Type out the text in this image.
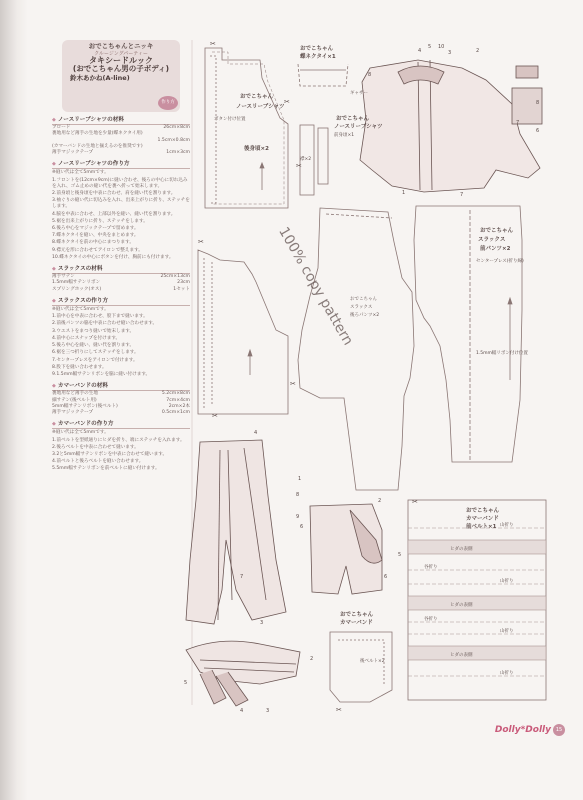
おでこちゃんとニッキ
クルージングパーティー
タキシードルック
(おでこちゃん男の子ボディ)
鈴木あかね(A-line)
作り方
◆ ノースリーブシャツの材料
ブロード	26cm×8cm
裏地用など薄手の生地を少量(蝶ネクタイ用)
1.5cm×0.8cm
(カマーバンドの生地と揃えるのを推奨です)
薄手マジックテープ	1cm×3cm
◆ ノースリーブシャツの作り方
※縫い代は全て5mmです。
1.フロントを(12cm×9cm)に縫い合わせ、後ろの中心に切れ込みを入れ、ゴム止めの縫い代を裏へ折って始末します。
2.前身頃と後身頃を中表に合わせ、肩を縫い代を割ります。
3.袖ぐりの縫い代に切込みを入れ、出来上がりに折り、ステッチをします。
4.脇を中表に合わせ、上部以外を縫い、縫い代を割ります。
5.裾を出来上がりに折り、ステッチをします。
6.後ろ中心をマジックテープで留めます。
7.蝶ネクタイを縫い、中央をまとめます。
8.蝶ネクタイを前の中心にまつります。
9.襟元を形に合わせてアイロンで整えます。
10.蝶ネクタイの中心にボタンを付け、胸前にも付けます。
◆ スラックスの材料
薄手サテン	25cm×13cm
1.5mm幅サテンリボン	23cm
スプリングホック(オス)	1セット
◆ スラックスの作り方
※縫い代は全て5mmです。
1.前中心を中表に合わせ、股下まで縫います。
2.前後パンツの脇を中表に合わせ縫い合わせます。
3.ウエストをまつり縫いで始末します。
4.前中心にスナップを付けます。
5.後ろ中心を縫い、縫い代を割ります。
6.裾を三つ折りにしてステッチをします。
7.センタープレスをアイロンで付けます。
8.股下を縫い合わせます。
9.1.5mm幅サテンリボンを脇に縫い付けます。
◆ カマーバンドの材料
裏地用など薄手の生地	5.2cm×8cm
細サテン(後ベルト用)	7cm×4cm
5mm幅サテンリボン(後ベルト)	2cm×2本
薄手マジックテープ	0.5cm×1cm
◆ カマーバンドの作り方
※縫い代は全て5mmです。
1.前ベルトを型紙通りにヒダを折り、端にステッチを入れます。
2.後ろベルトを中表に合わせて縫います。
3.2と5mm幅サテンリボンを中表に合わせて縫います。
4.前ベルトと後ろベルトを縫い合わせます。
5.5mm幅サテンリボンを前ベルトに縫い付けます。
100% copy pattern
おでこちゃん
ノースリーブシャツ
後身頃×2
おでこちゃん
蝶ネクタイ×1
おでこちゃん
ノースリーブシャツ
おでこちゃん
スラックス
前パンツ×2
おでこちゃん
カマーバンド
前ベルト×1
おでこちゃん
カマーバンド
ボタン付け位置
ギャザー
前身頃×1
襟×2
センタープレス(折り線)
1.5mm幅リボン付け位置
おでこちゃん
スラックス
後ろパンツ×2
後ベルト×2
山折り
ヒダの表側
谷折り
山折り
ヒダの表側
谷折り
山折り
ヒダの表側
山折り
10
4
5
3	2
8
8
6
7
1	7
4
1
8
9
7
6
2
5
6
3
2
5
4	3
✂
✂
✂
✂
✂
✂
✂
✂
Dolly*Dolly 15
